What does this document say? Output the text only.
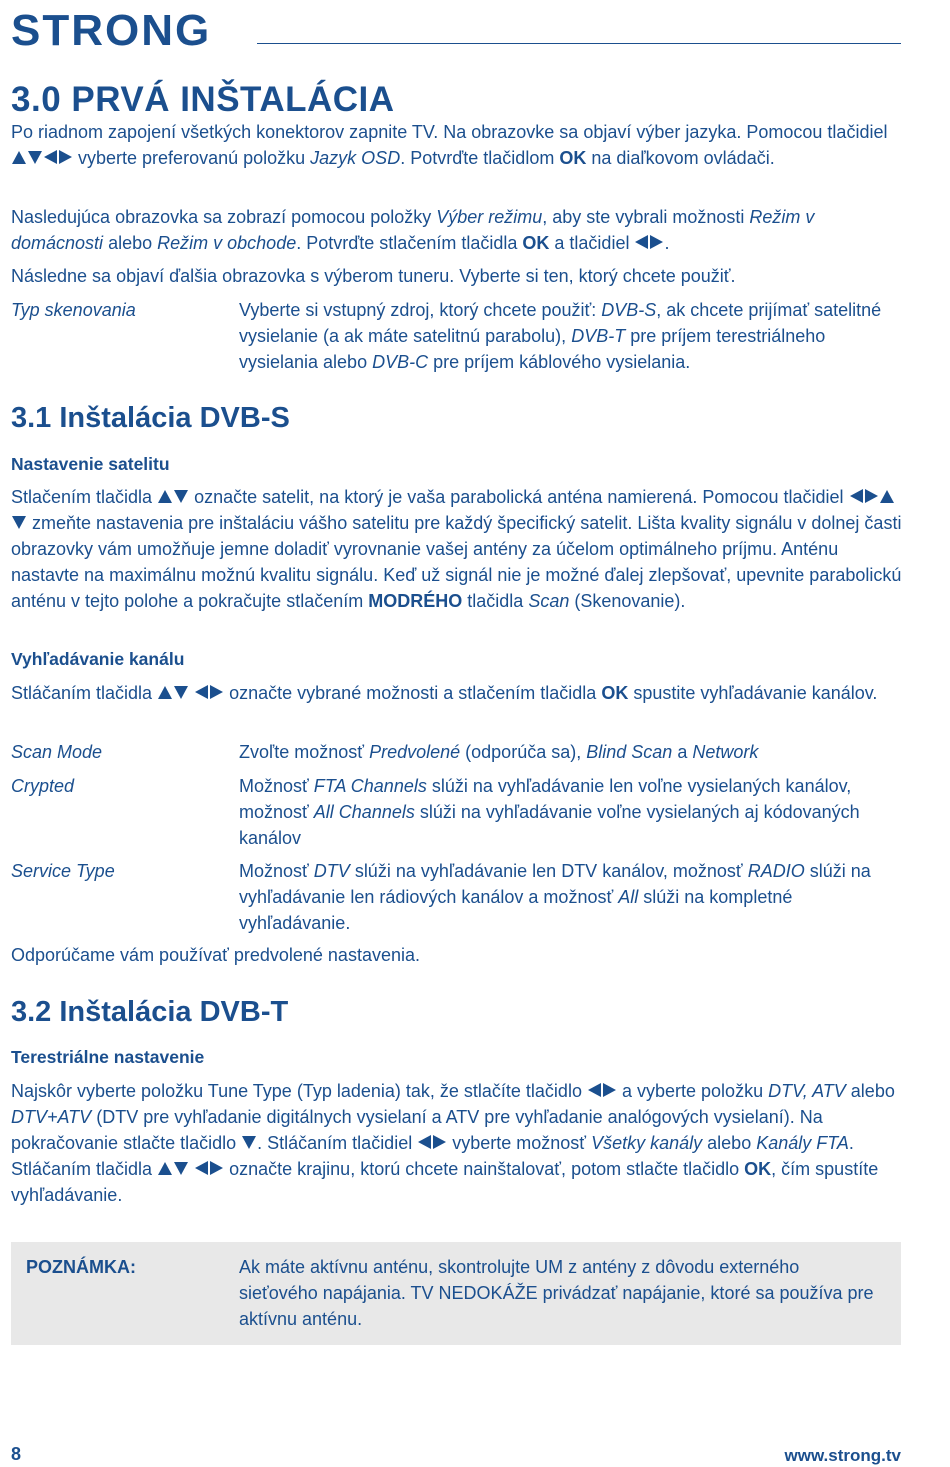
STRONG
3.0 PRVÁ INŠTALÁCIA

Po riadnom zapojení všetkých konektorov zapnite TV. Na obrazovke sa objaví výber jazyka. Pomocou tlačidiel  vyberte preferovanú položku Jazyk OSD. Potvrďte tlačidlom OK na diaľkovom ovládači.

Nasledujúca obrazovka sa zobrazí pomocou položky Výber režimu, aby ste vybrali možnosti Režim v domácnosti alebo Režim v obchode. Potvrďte stlačením tlačidla OK a tlačidiel .

Následne sa objaví ďalšia obrazovka s výberom tuneru. Vyberte si ten, ktorý chcete použiť.

Typ skenovania	Vyberte si vstupný zdroj, ktorý chcete použiť: DVB-S, ak chcete prijímať satelitné vysielanie (a ak máte satelitnú parabolu), DVB-T pre príjem terestriálneho vysielania alebo DVB-C pre príjem káblového vysielania.
3.1 Inštalácia DVB-S
Nastavenie satelitu

Stlačením tlačidla označte satelit, na ktorý je vaša parabolická anténa namierená. Pomocou tlačidiel  zmeňte nastavenia pre inštaláciu vášho satelitu pre každý špecifický satelit. Lišta kvality signálu v dolnej časti obrazovky vám umožňuje jemne doladiť vyrovnanie vašej antény za účelom optimálneho príjmu. Anténu nastavte na maximálnu možnú kvalitu signálu. Keď už signál nie je možné ďalej zlepšovať, upevnite parabolickú anténu v tejto polohe a pokračujte stlačením MODRÉHO tlačidla Scan (Skenovanie).

Vyhľadávanie kanálu

Stláčaním tlačidla	označte vybrané možnosti a stlačením tlačidla OK spustite vyhľadávanie kanálov.

Scan Mode	Zvoľte možnosť Predvolené (odporúča sa), Blind Scan a Network
Crypted	Možnosť FTA Channels slúži na vyhľadávanie len voľne vysielaných kanálov, možnosť All Channels slúži na vyhľadávanie voľne vysielaných aj kódovaných kanálov
Service Type	Možnosť DTV slúži na vyhľadávanie len DTV kanálov, možnosť RADIO slúži na vyhľadávanie len rádiových kanálov a možnosť All slúži na kompletné vyhľadávanie.

Odporúčame vám používať predvolené nastavenia.

3.2 Inštalácia DVB-T
Terestriálne nastavenie

Najskôr vyberte položku Tune Type (Typ ladenia) tak, že stlačíte tlačidlo a vyberte položku DTV, ATV alebo DTV+ATV (DTV pre vyhľadanie digitálnych vysielaní a ATV pre vyhľadanie analógových vysielaní). Na pokračovanie stlačte tlačidlo . Stláčaním tlačidiel vyberte možnosť Všetky kanály alebo Kanály FTA. Stláčaním tlačidla	označte krajinu, ktorú chcete nainštalovať, potom stlačte tlačidlo OK, čím spustíte vyhľadávanie.

POZNÁMKA:	Ak máte aktívnu anténu, skontrolujte UM z antény z dôvodu externého sieťového napájania. TV NEDOKÁŽE privádzať napájanie, ktoré sa používa pre aktívnu anténu.
8	www.strong.tv
